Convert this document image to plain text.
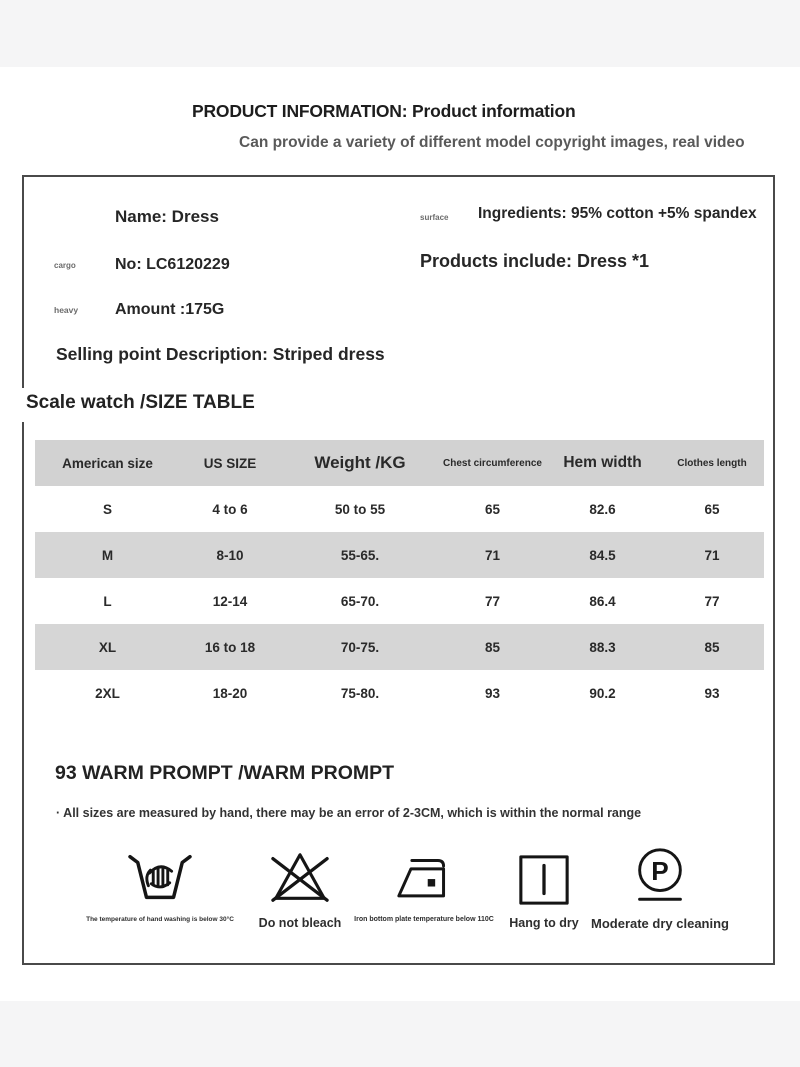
PRODUCT INFORMATION: Product information
Can provide a variety of different model copyright images, real video
Name: Dress	surface Ingredients: 95% cotton +5% spandex
cargo No: LC6120229	Products include: Dress *1
heavy Amount :175G
Selling point Description: Striped dress
Scale watch /SIZE TABLE
American size	US SIZE	Weight /KG	Chest circumference	Hem width	Clothes length
S	4 to 6	50 to 55	65	82.6	65
M	8-10	55-65.	71	84.5	71
L	12-14	65-70.	77	86.4	77
XL	16 to 18	70-75.	85	88.3	85
2XL	18-20	75-80.	93	90.2	93
93 WARM PROMPT /WARM PROMPT
· All sizes are measured by hand, there may be an error of 2-3CM, which is within the normal range
The temperature of hand washing is below 30°C Do not bleach Iron bottom plate temperature below 110C Hang to dry
P
Moderate dry cleaning
